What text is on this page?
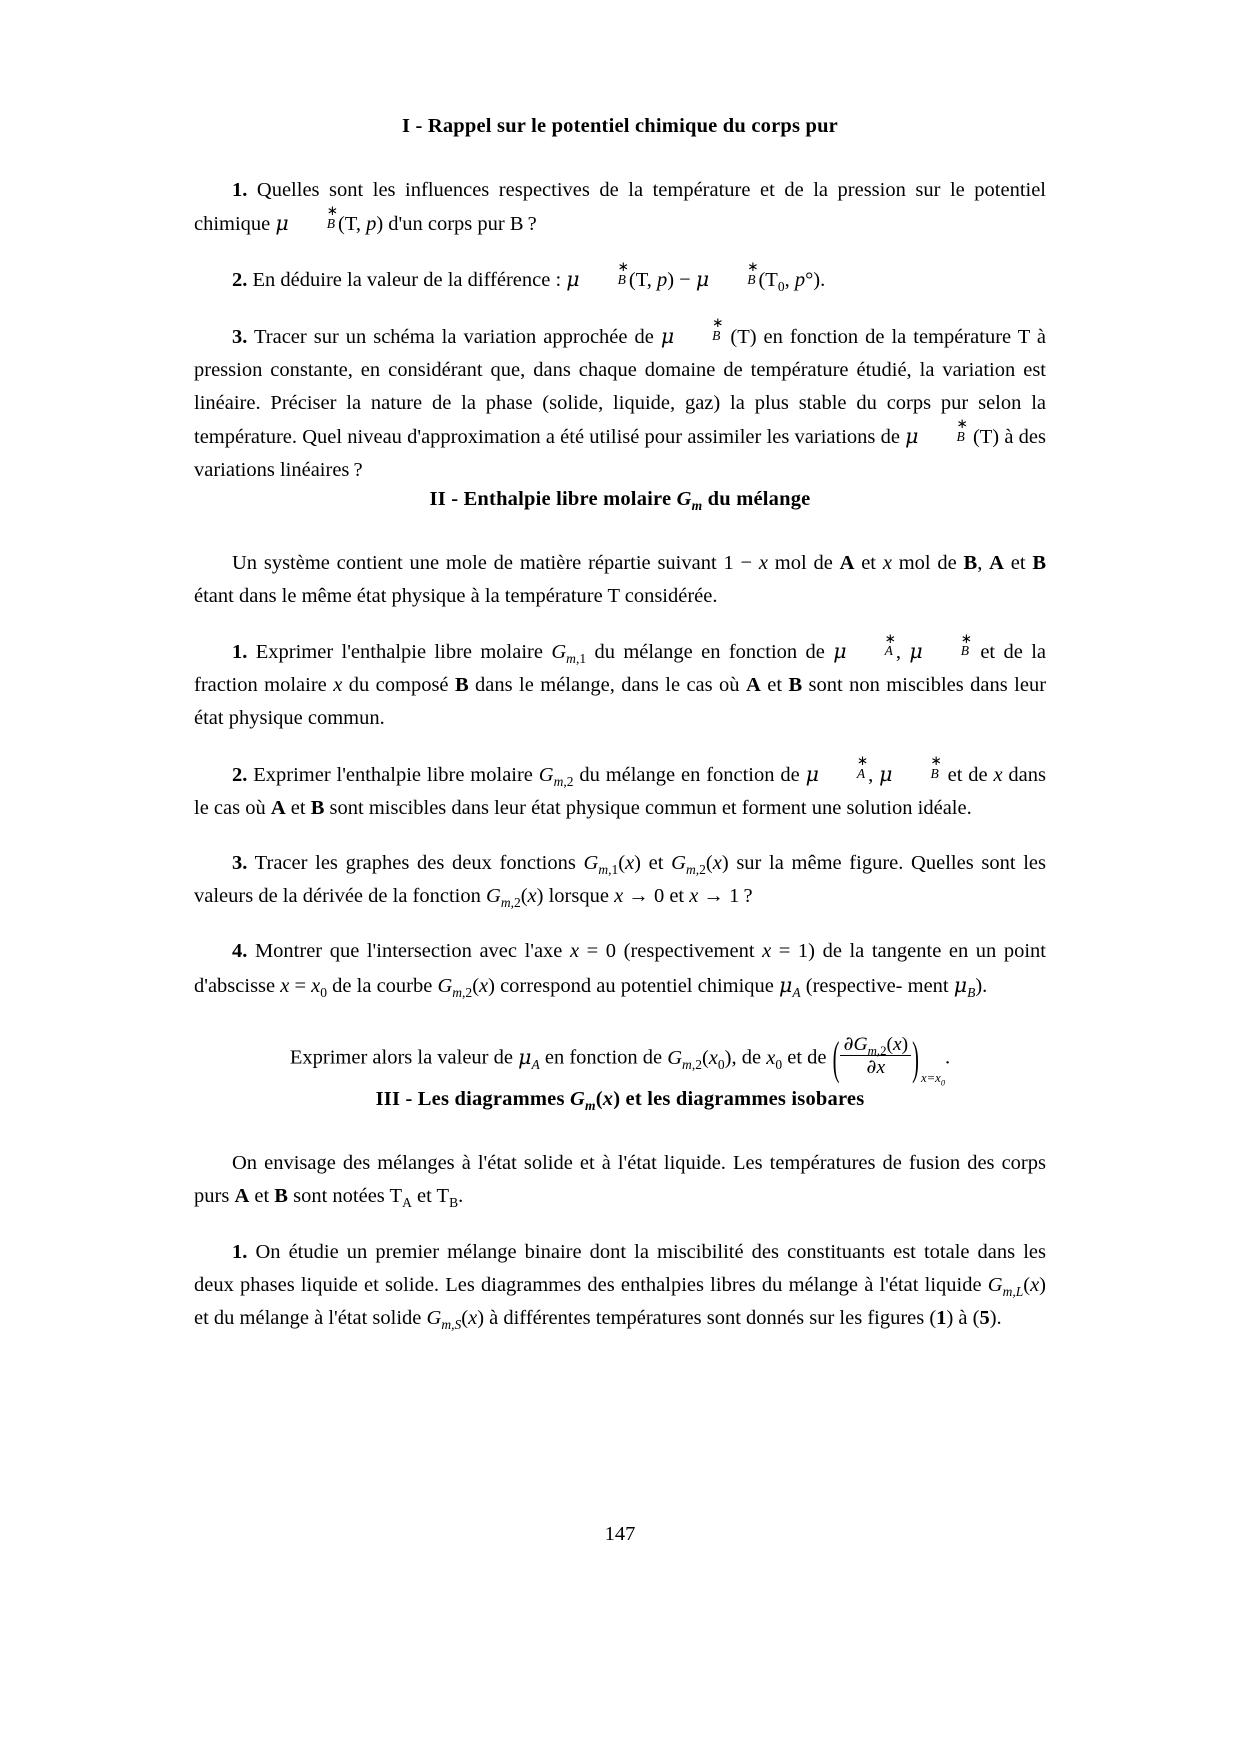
I - Rappel sur le potentiel chimique du corps pur

1. Quelles sont les influences respectives de la température et de la pression sur le potentiel chimique μ
∗
B (T, p) d'un corps pur B ?

2. En déduire la valeur de la différence : μ
∗
B (T, p) − μ
∗
B ($T_0$, p°).

3. Tracer sur un schéma la variation approchée de μ
∗
B (T) en fonction de la température T à pression constante, en considérant que, dans chaque domaine de température étudié, la variation est linéaire. Préciser la nature de la phase (solide, liquide, gaz) la plus stable du corps pur selon la température. Quel niveau d'approximation a été utilisé pour assimiler les variations de μ
∗
B (T) à des variations linéaires ?

II - Enthalpie libre molaire $G_m$ du mélange

Un système contient une mole de matière répartie suivant 1 − x mol de A et x mol de B, A et B étant dans le même état physique à la température T considérée.

1. Exprimer l'enthalpie libre molaire $G_{m,1}$ du mélange en fonction de μ
∗
A , μ
∗
B et de la fraction molaire x du composé B dans le mélange, dans le cas où A et B sont non miscibles dans leur état physique commun.

2. Exprimer l'enthalpie libre molaire $G_{m,2}$ du mélange en fonction de μ
∗
A , μ
∗
B et de x dans le cas où A et B sont miscibles dans leur état physique commun et forment une solution idéale.

3. Tracer les graphes des deux fonctions $G_{m,1}(x)$ et $G_{m,2}(x)$ sur la même figure. Quelles sont les valeurs de la dérivée de la fonction $G_{m,2}(x)$ lorsque x → 0 et x → 1 ?

4. Montrer que l'intersection avec l'axe x = 0 (respectivement x = 1) de la tangente en un point d'abscisse $x = x_0$ de la courbe $G_{m,2}(x)$ correspond au potentiel chimique $\mu_A$ (respective- ment $\mu_B$).

Exprimer alors la valeur de $\mu_A$ en fonction de $G_{m,2}(x_0)$, de $x_0$ et de ( $\frac{\partial G_{m,2}(x)}{\partial x}$ ) $x=x_0$.

III - Les diagrammes $G_m(x)$ et les diagrammes isobares

On envisage des mélanges à l'état solide et à l'état liquide. Les températures de fusion des corps purs A et B sont notées $T_A$ et $T_B$.

1. On étudie un premier mélange binaire dont la miscibilité des constituants est totale dans les deux phases liquide et solide. Les diagrammes des enthalpies libres du mélange à l'état liquide $G_{m,L}(x)$ et du mélange à l'état solide $G_{m,S}(x)$ à différentes températures sont donnés sur les figures (1) à (5).

147
